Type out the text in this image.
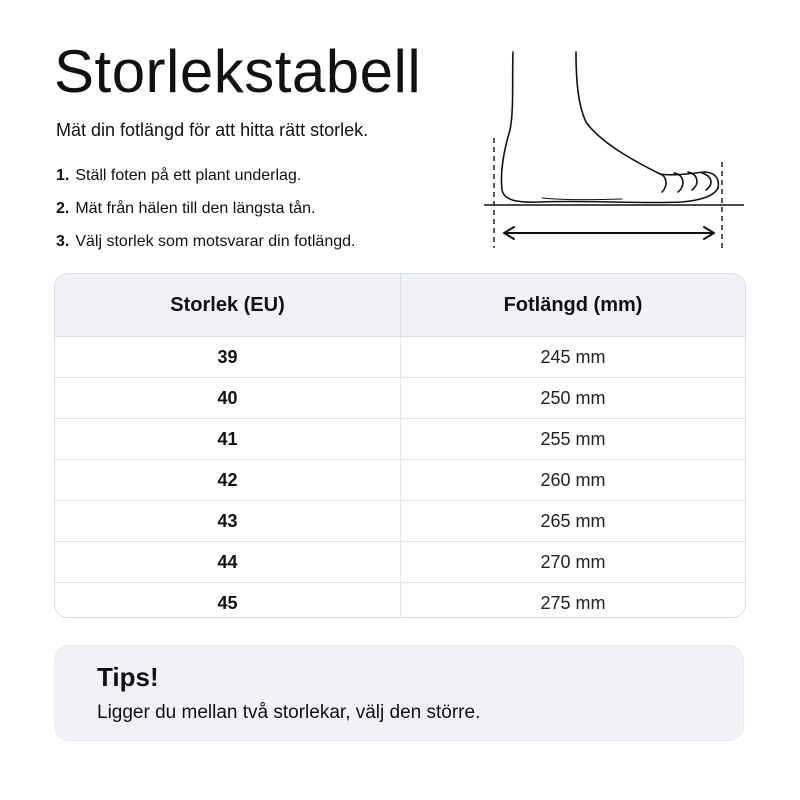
Storlekstabell

Mät din fotlängd för att hitta rätt storlek.

1. Ställ foten på ett plant underlag.
2. Mät från hälen till den längsta tån.
3. Välj storlek som motsvarar din fotlängd.
Storlek (EU)	Fotlängd (mm)
39	245 mm
40	250 mm
41	255 mm
42	260 mm
43	265 mm
44	270 mm
45	275 mm
Tips!

Ligger du mellan två storlekar, välj den större.
